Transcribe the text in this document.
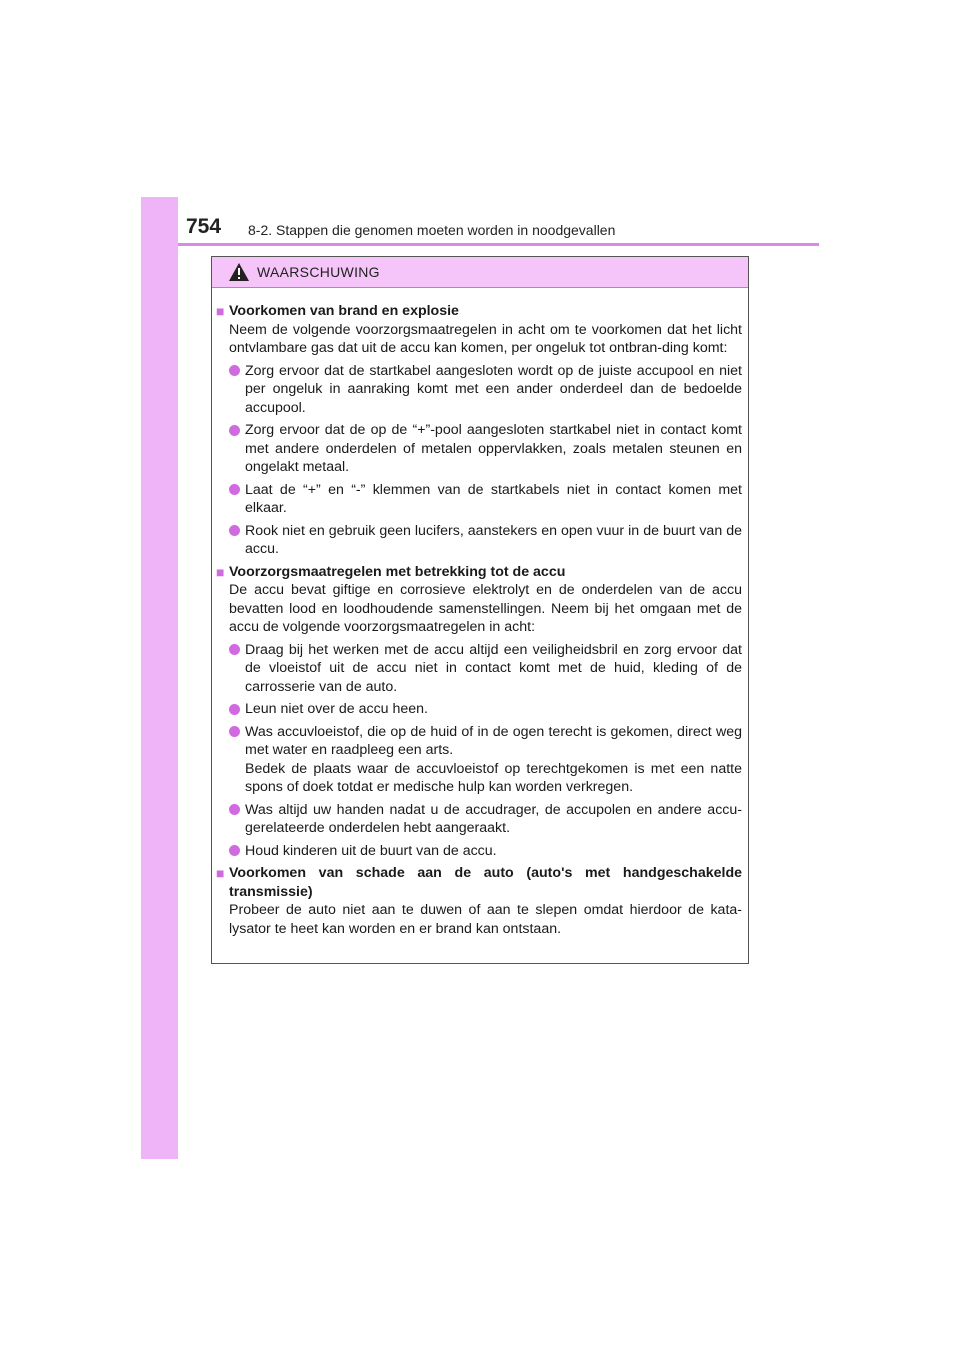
754 8-2. Stappen die genomen moeten worden in noodgevallen
WAARSCHUWING
■ Voorkomen van brand en explosie
Neem de volgende voorzorgsmaatregelen in acht om te voorkomen dat het licht ontvlambare gas dat uit de accu kan komen, per ongeluk tot ontbran-ding komt:
Zorg ervoor dat de startkabel aangesloten wordt op de juiste accupool en niet per ongeluk in aanraking komt met een ander onderdeel dan de bedoelde accupool.
Zorg ervoor dat de op de “+”-pool aangesloten startkabel niet in contact komt met andere onderdelen of metalen oppervlakken, zoals metalen steunen en ongelakt metaal.
Laat de “+” en “-” klemmen van de startkabels niet in contact komen met elkaar.
Rook niet en gebruik geen lucifers, aanstekers en open vuur in de buurt van de accu.
■ Voorzorgsmaatregelen met betrekking tot de accu
De accu bevat giftige en corrosieve elektrolyt en de onderdelen van de accu bevatten lood en loodhoudende samenstellingen. Neem bij het omgaan met de accu de volgende voorzorgsmaatregelen in acht:
Draag bij het werken met de accu altijd een veiligheidsbril en zorg ervoor dat de vloeistof uit de accu niet in contact komt met de huid, kleding of de carrosserie van de auto.
Leun niet over de accu heen.
Was accuvloeistof, die op de huid of in de ogen terecht is gekomen, direct weg met water en raadpleeg een arts.
Bedek de plaats waar de accuvloeistof op terechtgekomen is met een natte spons of doek totdat er medische hulp kan worden verkregen.
Was altijd uw handen nadat u de accudrager, de accupolen en andere accu-gerelateerde onderdelen hebt aangeraakt.
Houd kinderen uit de buurt van de accu.
■ Voorkomen van schade aan de auto (auto's met handgeschakelde transmissie)
Probeer de auto niet aan te duwen of aan te slepen omdat hierdoor de kata-lysator te heet kan worden en er brand kan ontstaan.
